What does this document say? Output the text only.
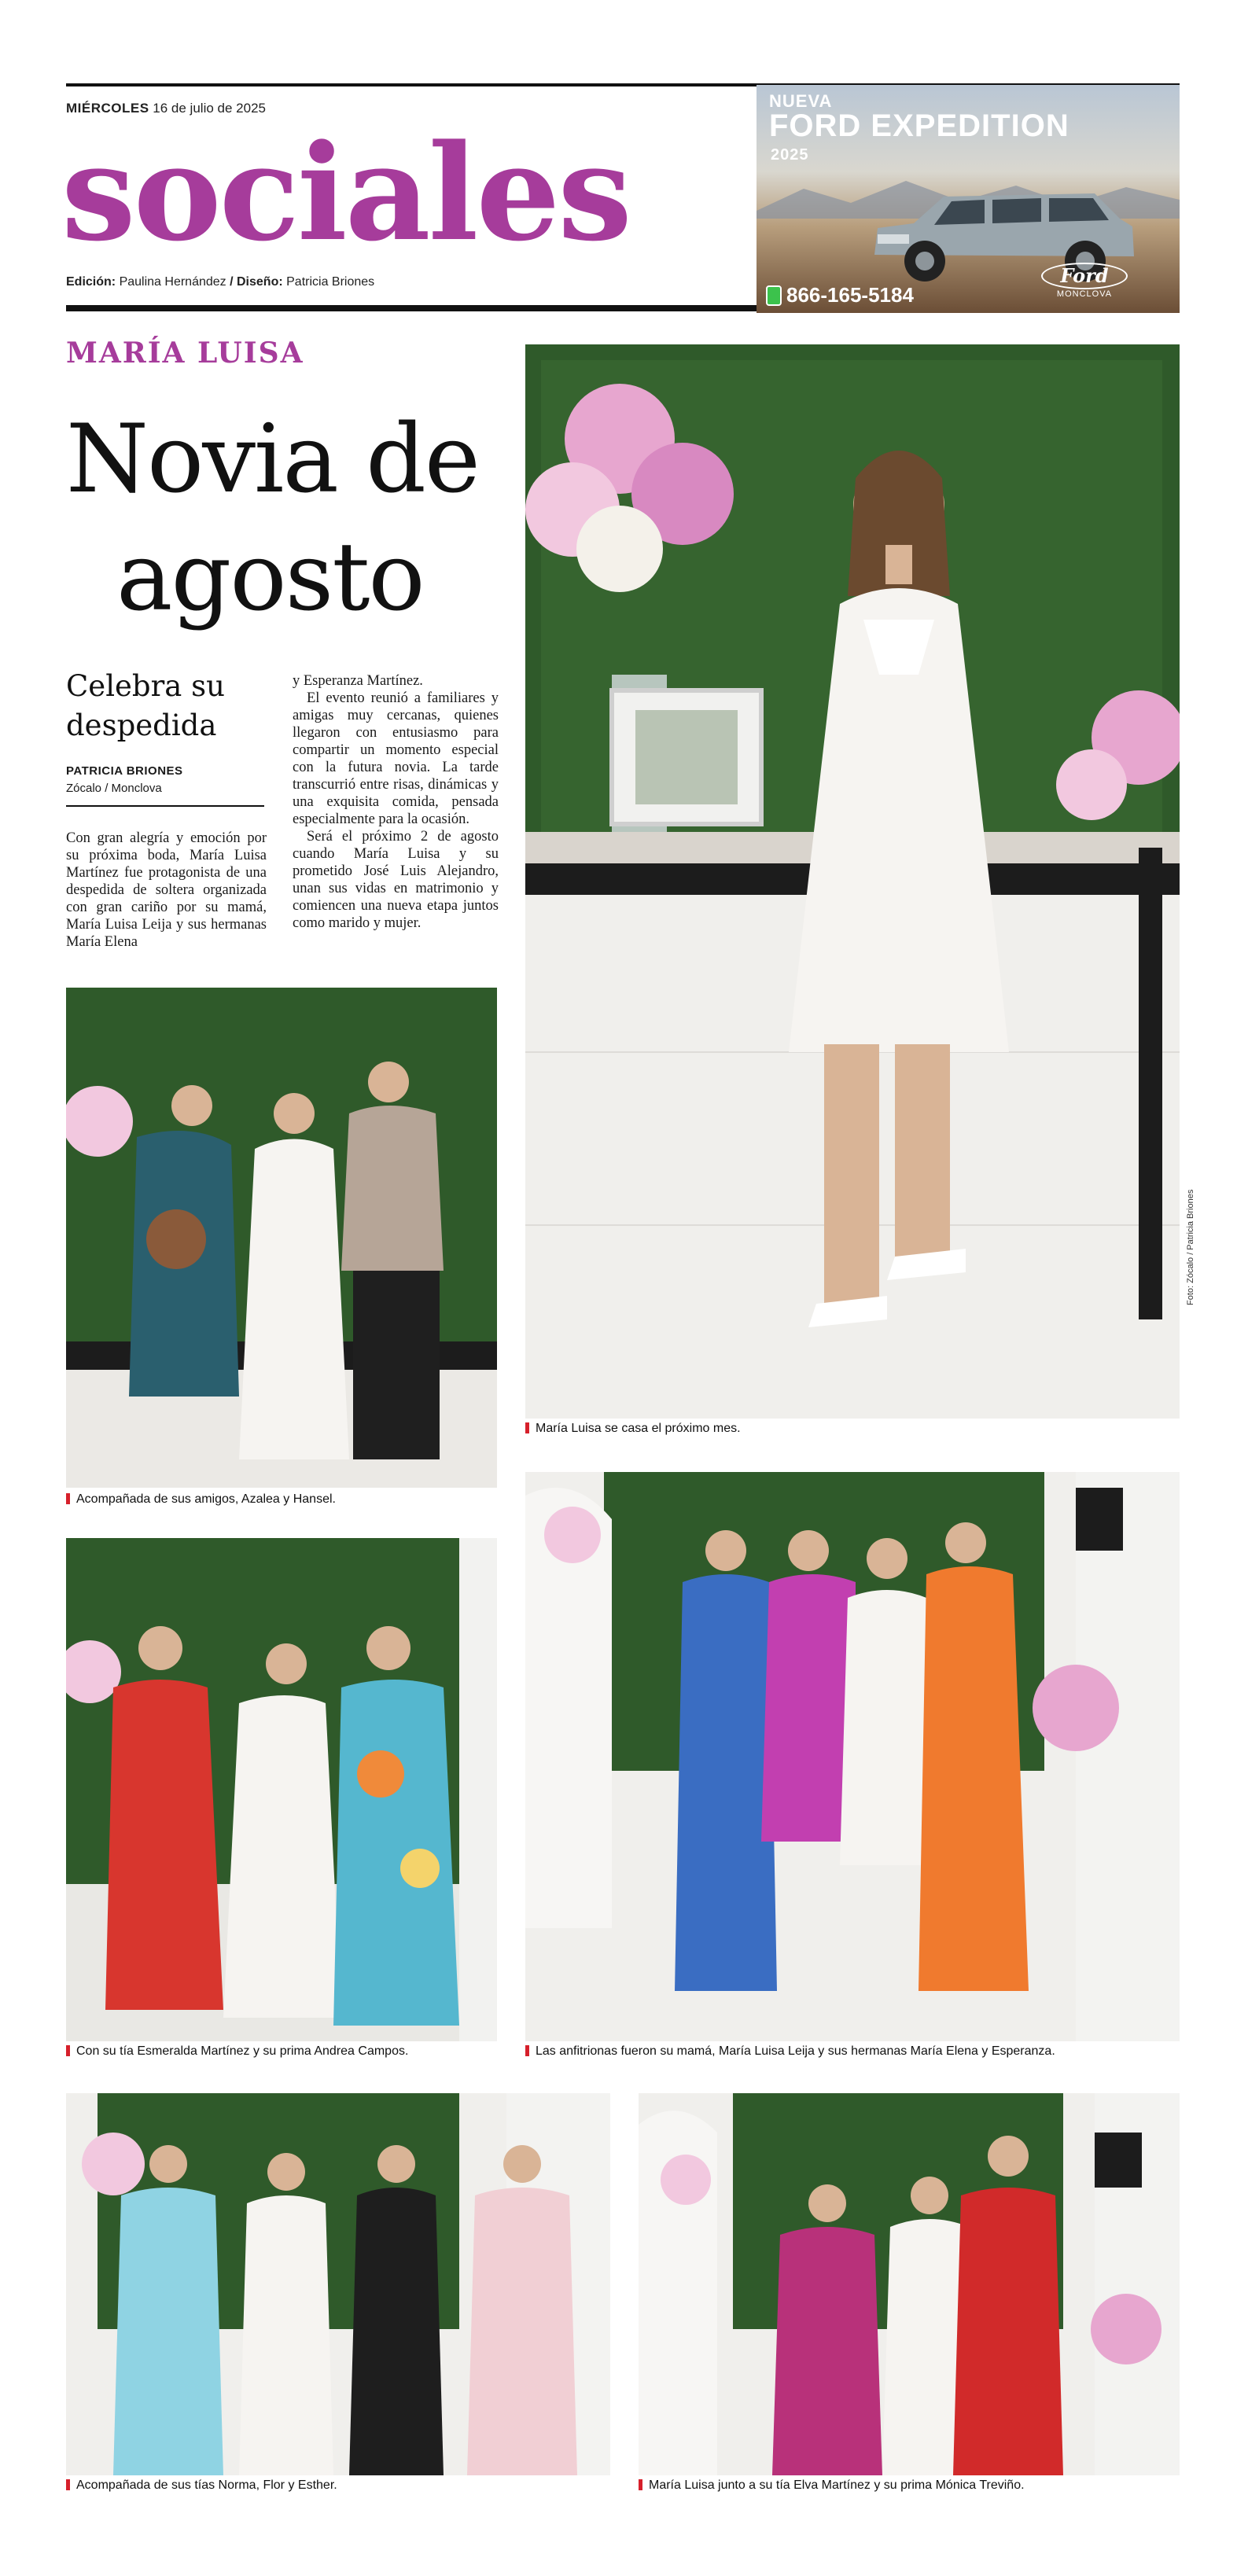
MIÉRCOLES 16 de julio de 2025
sociales
Edición: Paulina Hernández / Diseño: Patricia Briones
NUEVA
FORD EXPEDITION
2025
866-165-5184
Ford
MONCLOVA
MARÍA LUISA
Novia de
agosto
Celebra su despedida
PATRICIA BRIONES
Zócalo / Monclova

Con gran alegría y emoción por su próxima boda, María Luisa Martínez fue protagonista de una despedida de soltera organizada con gran cariño por su mamá, María Luisa Leija y sus hermanas María Elena

y Esperanza Martínez.

El evento reunió a familiares y amigas muy cercanas, quienes llegaron con entusiasmo para compartir un momento especial con la futura novia. La tarde transcurrió entre risas, dinámicas y una exquisita comida, pensada especialmente para la ocasión.

Será el próximo 2 de agosto cuando María Luisa y su prometido José Luis Alejandro, unan sus vidas en matrimonio y comiencen una nueva etapa juntos como marido y mujer.

Foto: Zócalo / Patricia Briones
María Luisa se casa el próximo mes.
Acompañada de sus amigos, Azalea y Hansel.
Con su tía Esmeralda Martínez y su prima Andrea Campos.	Las anfitrionas fueron su mamá, María Luisa Leija y sus hermanas María Elena y Esperanza.
Acompañada de sus tías Norma, Flor y Esther.	María Luisa junto a su tía Elva Martínez y su prima Mónica Treviño.
